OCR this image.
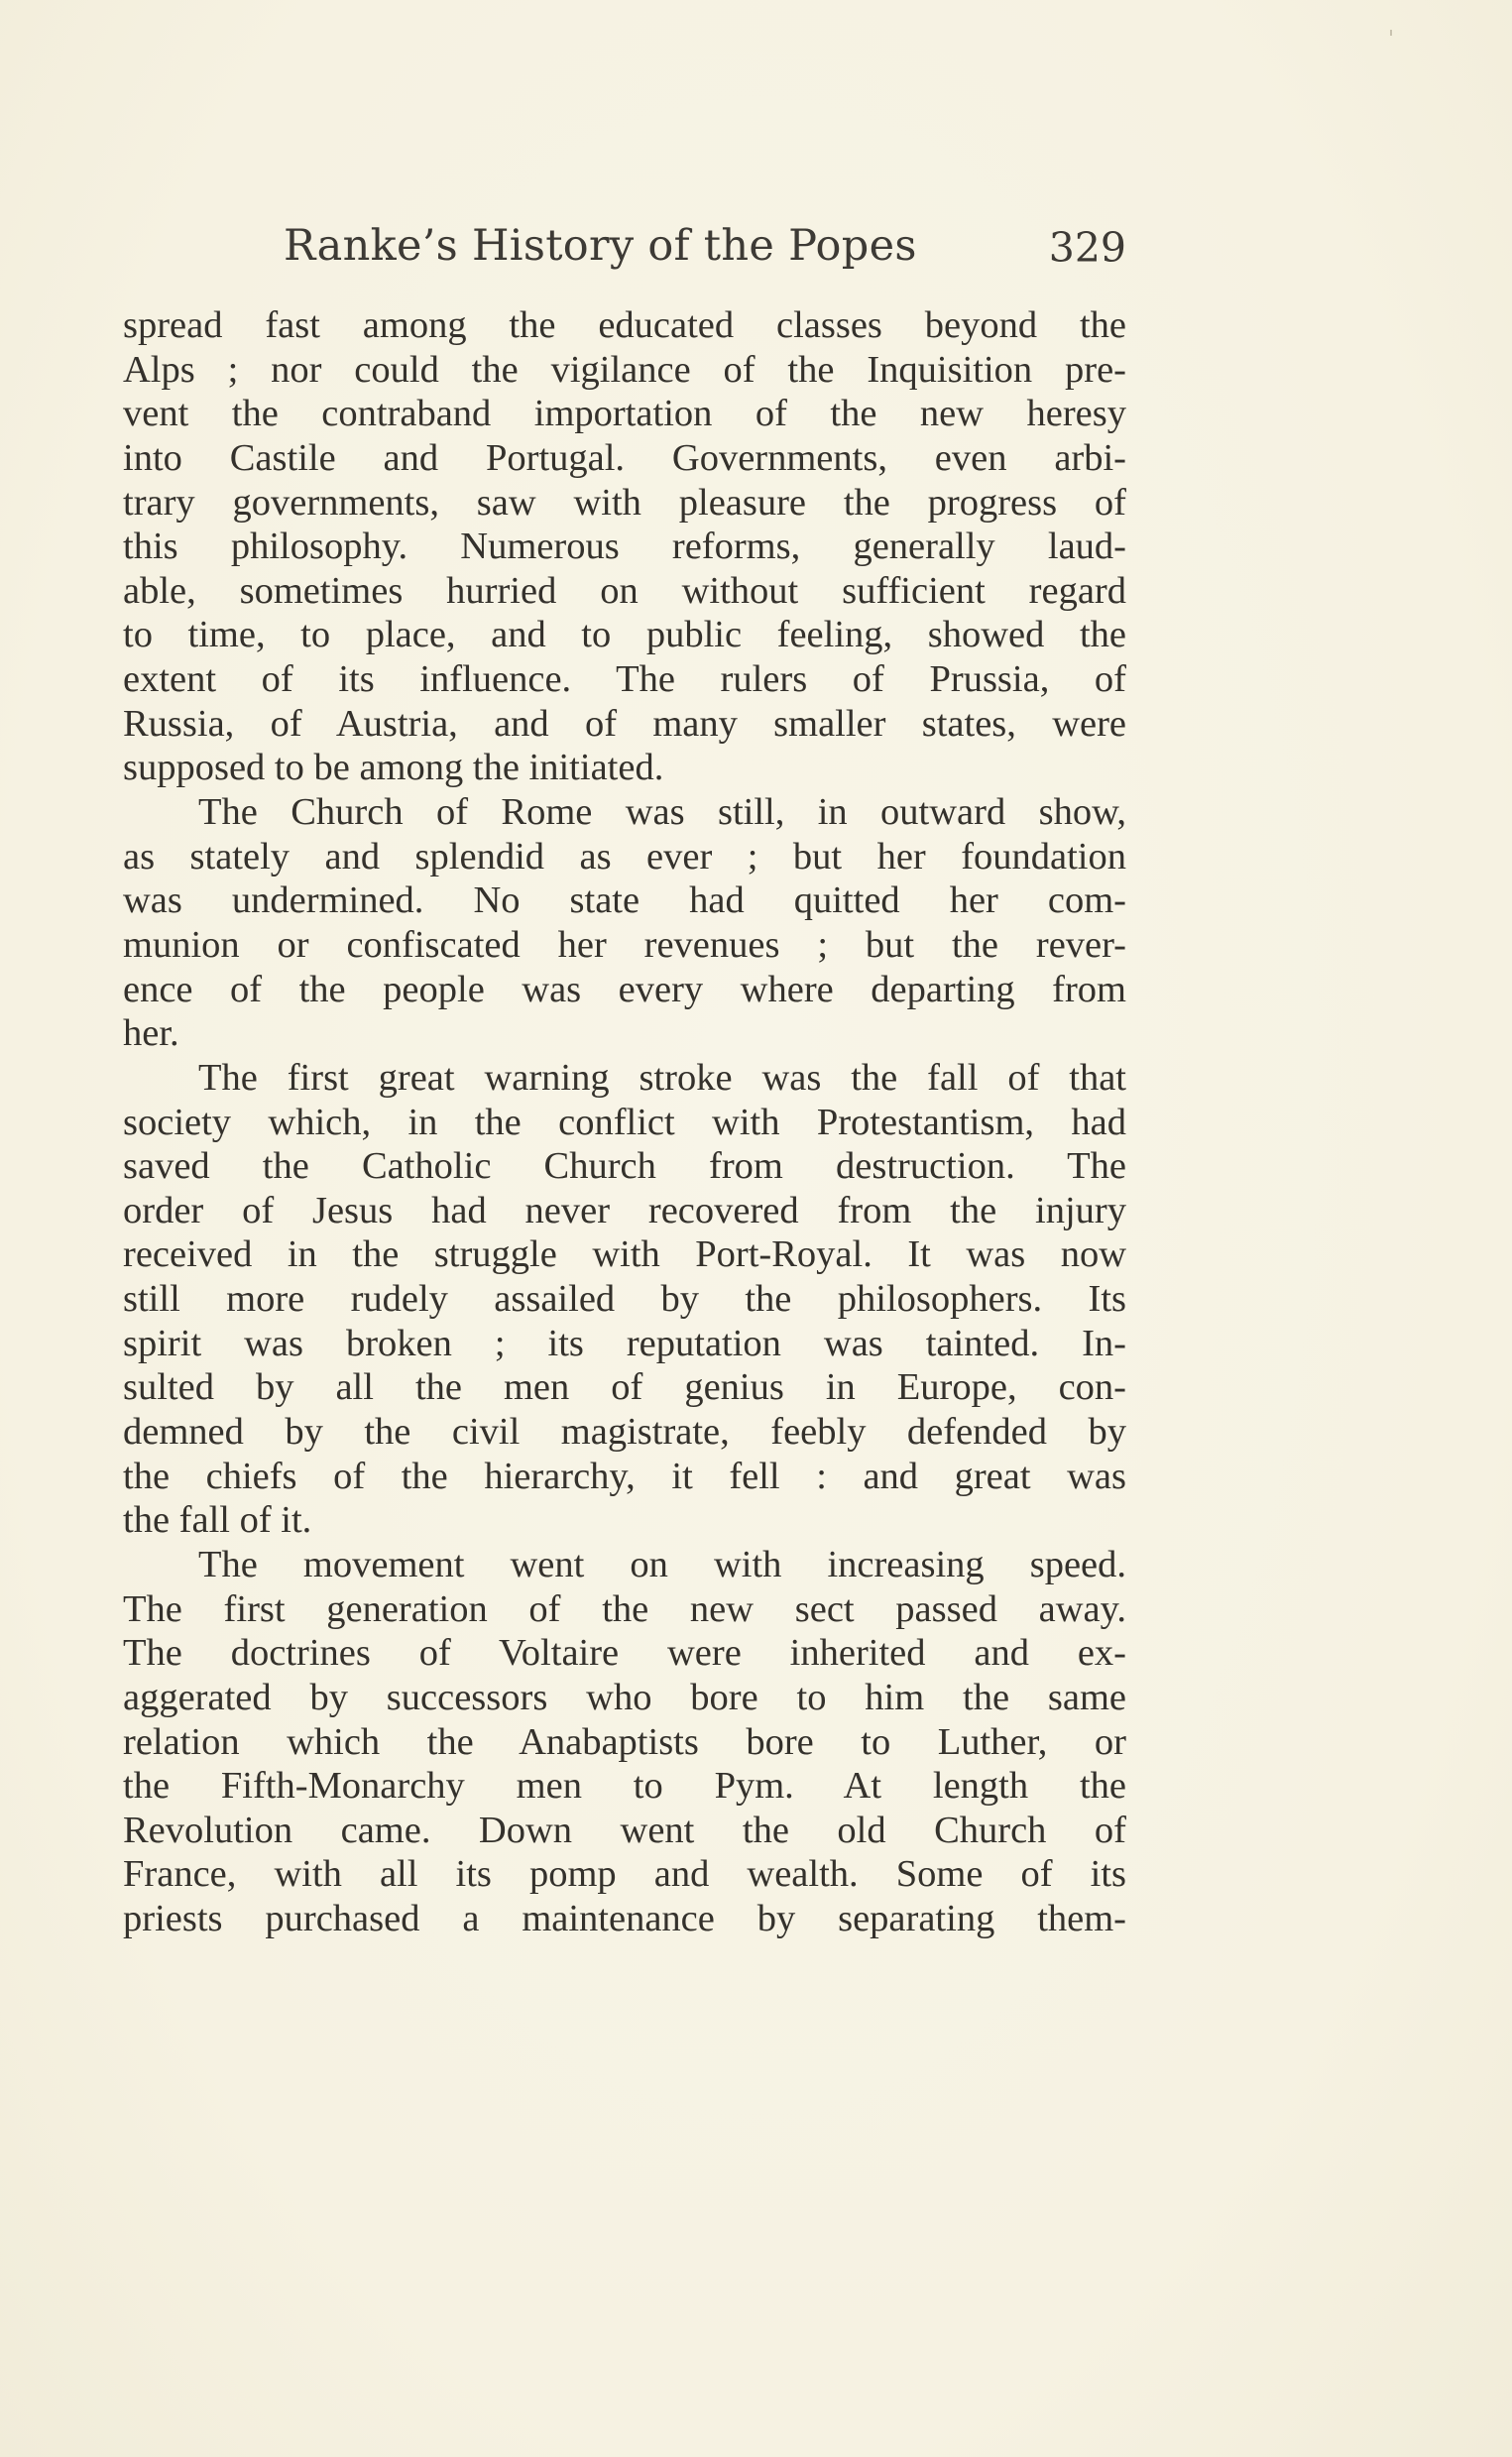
Ranke’s History of the Popes	329
spread fast among the educated classes beyond the
Alps ; nor could the vigilance of the Inquisition pre-
vent the contraband importation of the new heresy
into Castile and Portugal. Governments, even arbi-
trary governments, saw with pleasure the progress of
this philosophy. Numerous reforms, generally laud-
able, sometimes hurried on without sufficient regard
to time, to place, and to public feeling, showed the
extent of its influence. The rulers of Prussia, of
Russia, of Austria, and of many smaller states, were
supposed to be among the initiated.
The Church of Rome was still, in outward show,
as stately and splendid as ever ; but her foundation
was undermined. No state had quitted her com-
munion or confiscated her revenues ; but the rever-
ence of the people was every where departing from
her.
The first great warning stroke was the fall of that
society which, in the conflict with Protestantism, had
saved the Catholic Church from destruction. The
order of Jesus had never recovered from the injury
received in the struggle with Port-Royal. It was now
still more rudely assailed by the philosophers. Its
spirit was broken ; its reputation was tainted. In-
sulted by all the men of genius in Europe, con-
demned by the civil magistrate, feebly defended by
the chiefs of the hierarchy, it fell : and great was
the fall of it.
The movement went on with increasing speed.
The first generation of the new sect passed away.
The doctrines of Voltaire were inherited and ex-
aggerated by successors who bore to him the same
relation which the Anabaptists bore to Luther, or
the Fifth-Monarchy men to Pym. At length the
Revolution came. Down went the old Church of
France, with all its pomp and wealth. Some of its
priests purchased a maintenance by separating them-
